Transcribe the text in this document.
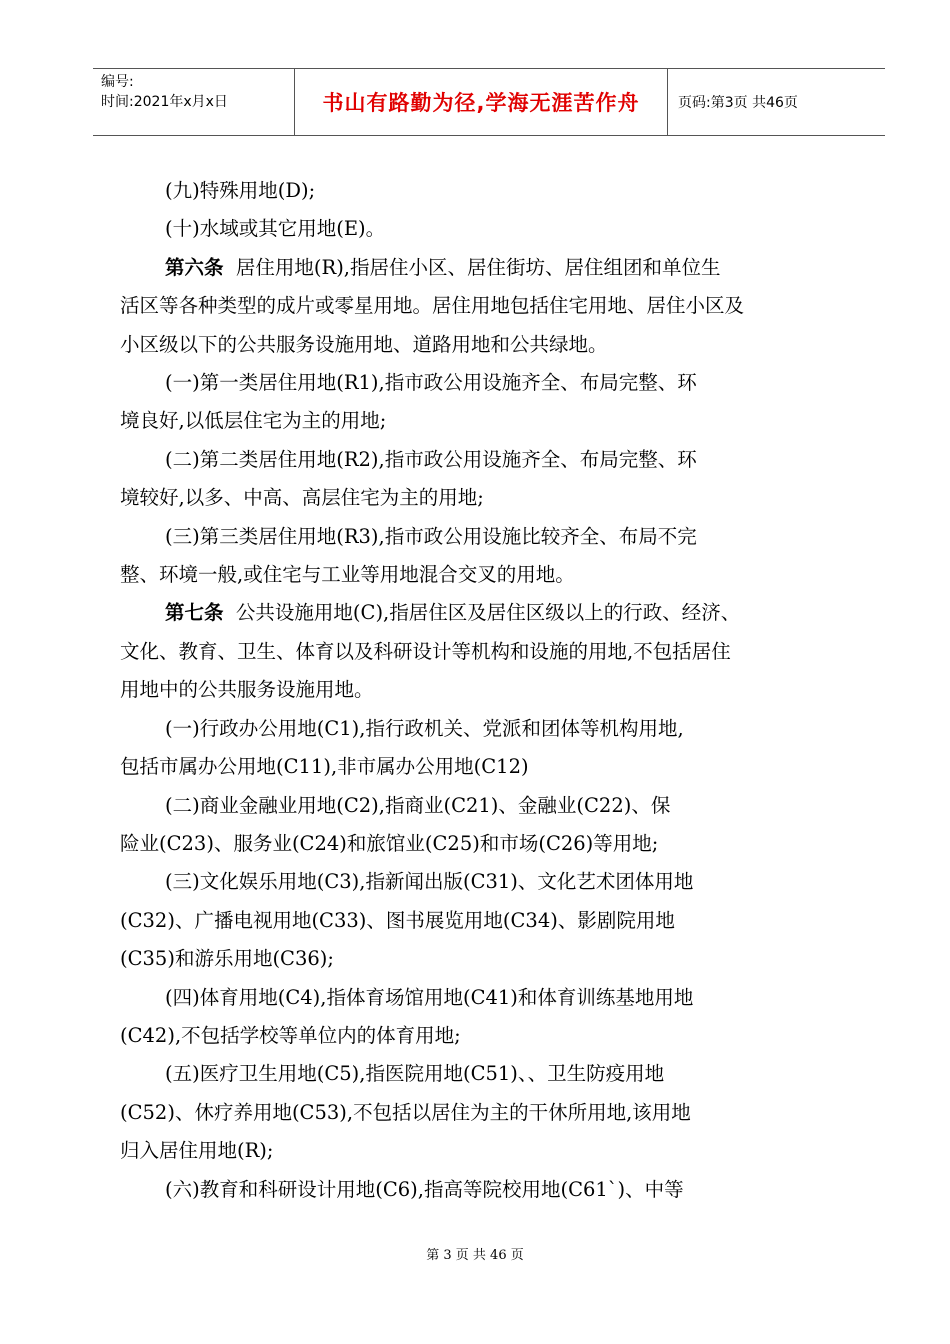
编号:
时间:2021年x月x日	书山有路勤为径,学海无涯苦作舟	页码:第3页 共46页

(九)特殊用地(D);

(十)水域或其它用地(E)。

第六条  居住用地(R),指居住小区、居住街坊、居住组团和单位生

活区等各种类型的成片或零星用地。居住用地包括住宅用地、居住小区及

小区级以下的公共服务设施用地、道路用地和公共绿地。

(一)第一类居住用地(R1),指市政公用设施齐全、布局完整、环

境良好,以低层住宅为主的用地;

(二)第二类居住用地(R2),指市政公用设施齐全、布局完整、环

境较好,以多、中高、高层住宅为主的用地;

(三)第三类居住用地(R3),指市政公用设施比较齐全、布局不完

整、环境一般,或住宅与工业等用地混合交叉的用地。

第七条  公共设施用地(C),指居住区及居住区级以上的行政、经济、

文化、教育、卫生、体育以及科研设计等机构和设施的用地,不包括居住

用地中的公共服务设施用地。

(一)行政办公用地(C1),指行政机关、党派和团体等机构用地,

包括市属办公用地(C11),非市属办公用地(C12)

(二)商业金融业用地(C2),指商业(C21)、金融业(C22)、保

险业(C23)、服务业(C24)和旅馆业(C25)和市场(C26)等用地;

(三)文化娱乐用地(C3),指新闻出版(C31)、文化艺术团体用地

(C32)、广播电视用地(C33)、图书展览用地(C34)、影剧院用地

(C35)和游乐用地(C36);

(四)体育用地(C4),指体育场馆用地(C41)和体育训练基地用地

(C42),不包括学校等单位内的体育用地;

(五)医疗卫生用地(C5),指医院用地(C51)、、卫生防疫用地

(C52)、休疗养用地(C53),不包括以居住为主的干休所用地,该用地

归入居住用地(R);

(六)教育和科研设计用地(C6),指高等院校用地(C61`)、中等

第 3 页 共 46 页
